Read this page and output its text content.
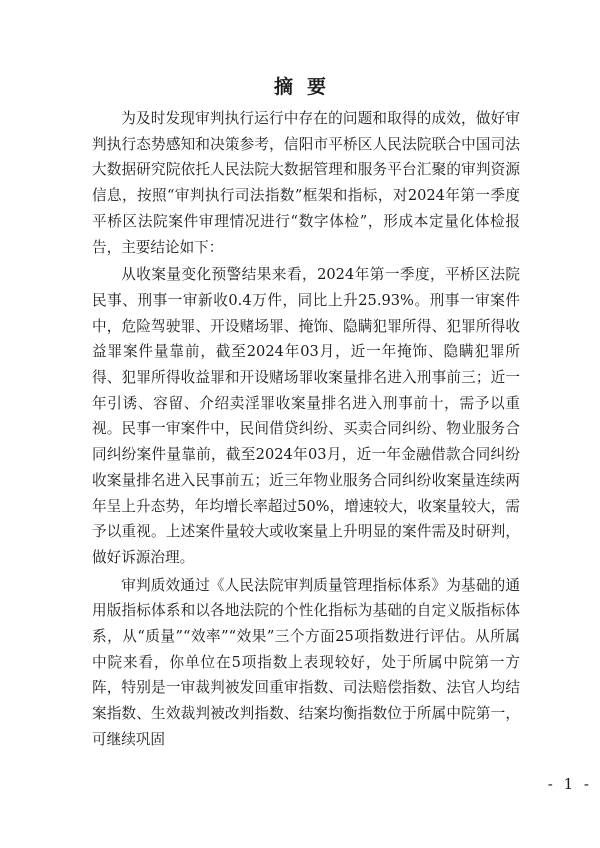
摘要

为及时发现审判执行运行中存在的问题和取得的成效，做好审判执行态势感知和决策参考，信阳市平桥区人民法院联合中国司法大数据研究院依托人民法院大数据管理和服务平台汇聚的审判资源信息，按照“审判执行司法指数”框架和指标，对2024年第一季度平桥区法院案件审理情况进行“数字体检”，形成本定量化体检报告，主要结论如下：

从收案量变化预警结果来看，2024年第一季度，平桥区法院民事、刑事一审新收0.4万件，同比上升25.93%。刑事一审案件中，危险驾驶罪、开设赌场罪、掩饰、隐瞒犯罪所得、犯罪所得收益罪案件量靠前，截至2024年03月，近一年掩饰、隐瞒犯罪所得、犯罪所得收益罪和开设赌场罪收案量排名进入刑事前三；近一年引诱、容留、介绍卖淫罪收案量排名进入刑事前十，需予以重视。民事一审案件中，民间借贷纠纷、买卖合同纠纷、物业服务合同纠纷案件量靠前，截至2024年03月，近一年金融借款合同纠纷收案量排名进入民事前五；近三年物业服务合同纠纷收案量连续两年呈上升态势，年均增长率超过50%，增速较大，收案量较大，需予以重视。上述案件量较大或收案量上升明显的案件需及时研判，做好诉源治理。

审判质效通过《人民法院审判质量管理指标体系》为基础的通用版指标体系和以各地法院的个性化指标为基础的自定义版指标体系，从“质量”“效率”“效果”三个方面25项指数进行评估。从所属中院来看，你单位在5项指数上表现较好，处于所属中院第一方阵，特别是一审裁判被发回重审指数、司法赔偿指数、法官人均结案指数、生效裁判被改判指数、结案均衡指数位于所属中院第一，可继续巩固

- 1 -
